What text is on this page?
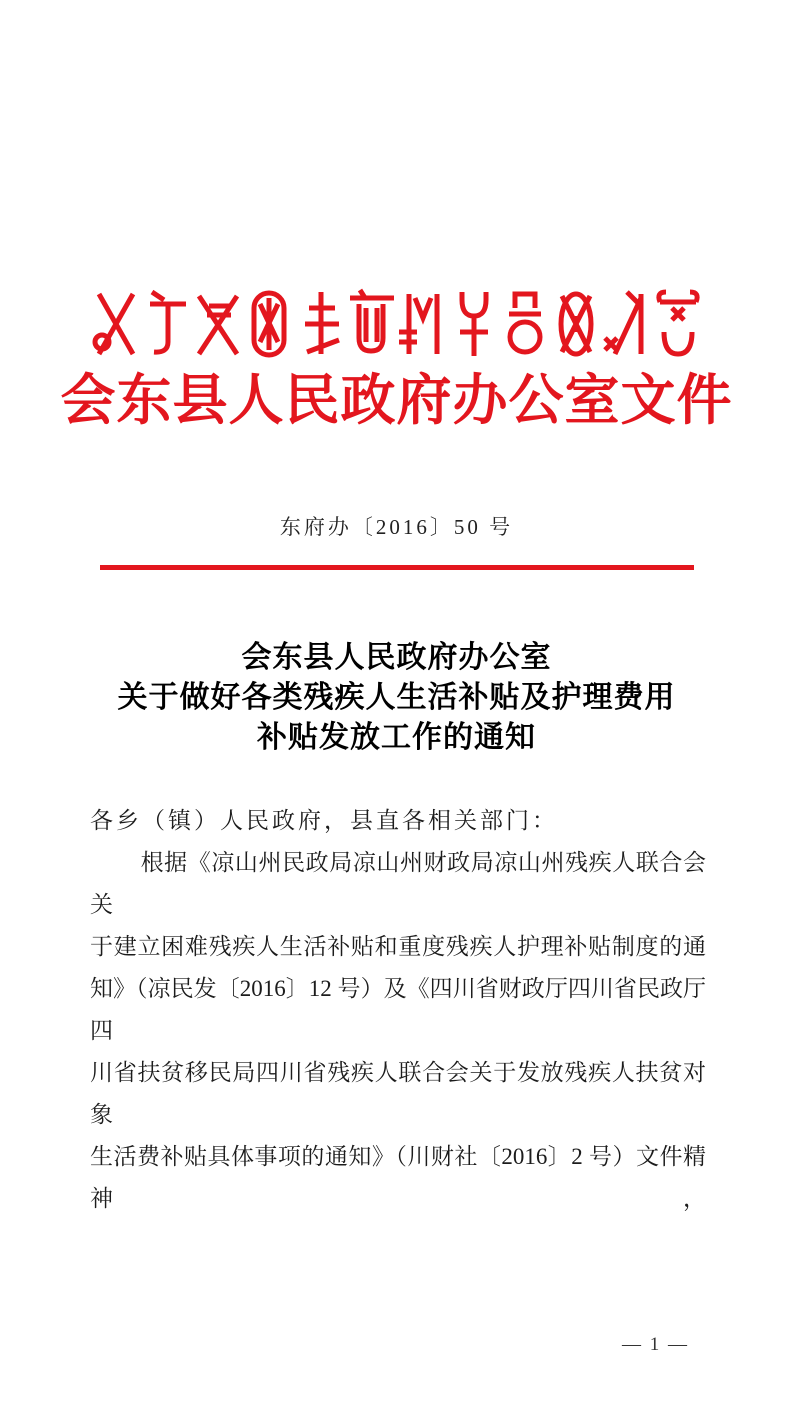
会东县人民政府办公室文件
东府办〔2016〕50 号
会东县人民政府办公室
关于做好各类残疾人生活补贴及护理费用
补贴发放工作的通知
各乡（镇）人民政府，县直各相关部门：
根据《凉山州民政局凉山州财政局凉山州残疾人联合会关
于建立困难残疾人生活补贴和重度残疾人护理补贴制度的通
知》（凉民发〔2016〕12 号）及《四川省财政厅四川省民政厅四
川省扶贫移民局四川省残疾人联合会关于发放残疾人扶贫对象
生活费补贴具体事项的通知》（川财社〔2016〕2 号）文件精神，
— 1 —
